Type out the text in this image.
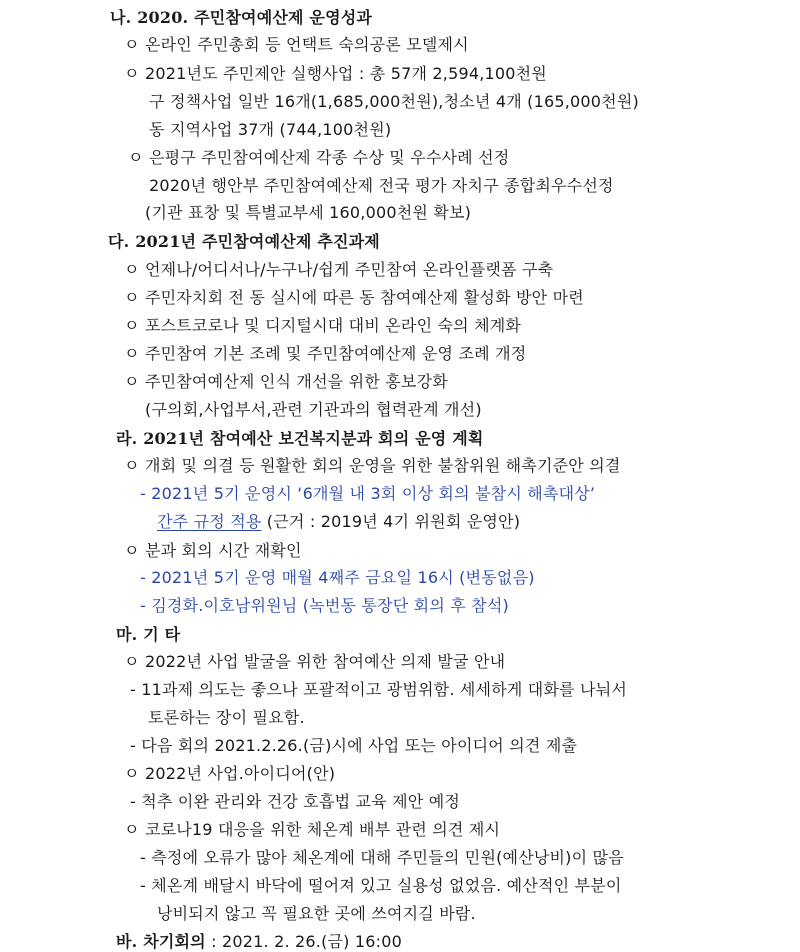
나. 2020. 주민참여예산제 운영성과
ㅇ 온라인 주민총회 등 언택트 숙의공론 모델제시
ㅇ 2021년도 주민제안 실행사업 : 총 57개 2,594,100천원
구 정책사업 일반 16개(1,685,000천원),청소년 4개 (165,000천원)
동 지역사업 37개 (744,100천원)
ㅇ 은평구 주민참여예산제 각종 수상 및 우수사례 선정
2020년 행안부 주민참여예산제 전국 평가 자치구 종합최우수선정
(기관 표창 및 특별교부세 160,000천원 확보)
다. 2021년 주민참여예산제 추진과제
ㅇ 언제나/어디서나/누구나/쉽게 주민참여 온라인플랫폼 구축
ㅇ 주민자치회 전 동 실시에 따른 동 참여예산제 활성화 방안 마련
ㅇ 포스트코로나 및 디지털시대 대비 온라인 숙의 체계화
ㅇ 주민참여 기본 조례 및 주민참여예산제 운영 조례 개정
ㅇ 주민참여예산제 인식 개선을 위한 홍보강화
(구의회,사업부서,관련 기관과의 협력관계 개선)
라. 2021년 참여예산 보건복지분과 회의 운영 계획
ㅇ 개회 및 의결 등 원활한 회의 운영을 위한 불참위원 해촉기준안 의결
- 2021년 5기 운영시 ‘6개월 내 3회 이상 회의 불참시 해촉대상’
간주 규정 적용 (근거 : 2019년 4기 위원회 운영안)
ㅇ 분과 회의 시간 재확인
- 2021년 5기 운영 매월 4째주 금요일 16시 (변동없음)
- 김경화.이호남위원님 (녹번동 통장단 회의 후 참석)
마. 기 타
ㅇ 2022년 사업 발굴을 위한 참여예산 의제 발굴 안내
- 11과제 의도는 좋으나 포괄적이고 광범위함. 세세하게 대화를 나눠서
토론하는 장이 필요함.
- 다음 회의 2021.2.26.(금)시에 사업 또는 아이디어 의견 제출
ㅇ 2022년 사업.아이디어(안)
- 척추 이완 관리와 건강 호흡법 교육 제안 예정
ㅇ 코로나19 대응을 위한 체온계 배부 관련 의견 제시
- 측정에 오류가 많아 체온계에 대해 주민들의 민원(예산낭비)이 많음
- 체온계 배달시 바닥에 떨어져 있고 실용성 없었음. 예산적인 부분이
낭비되지 않고 꼭 필요한 곳에 쓰여지길 바람.
바. 차기회의 : 2021. 2. 26.(금) 16:00
